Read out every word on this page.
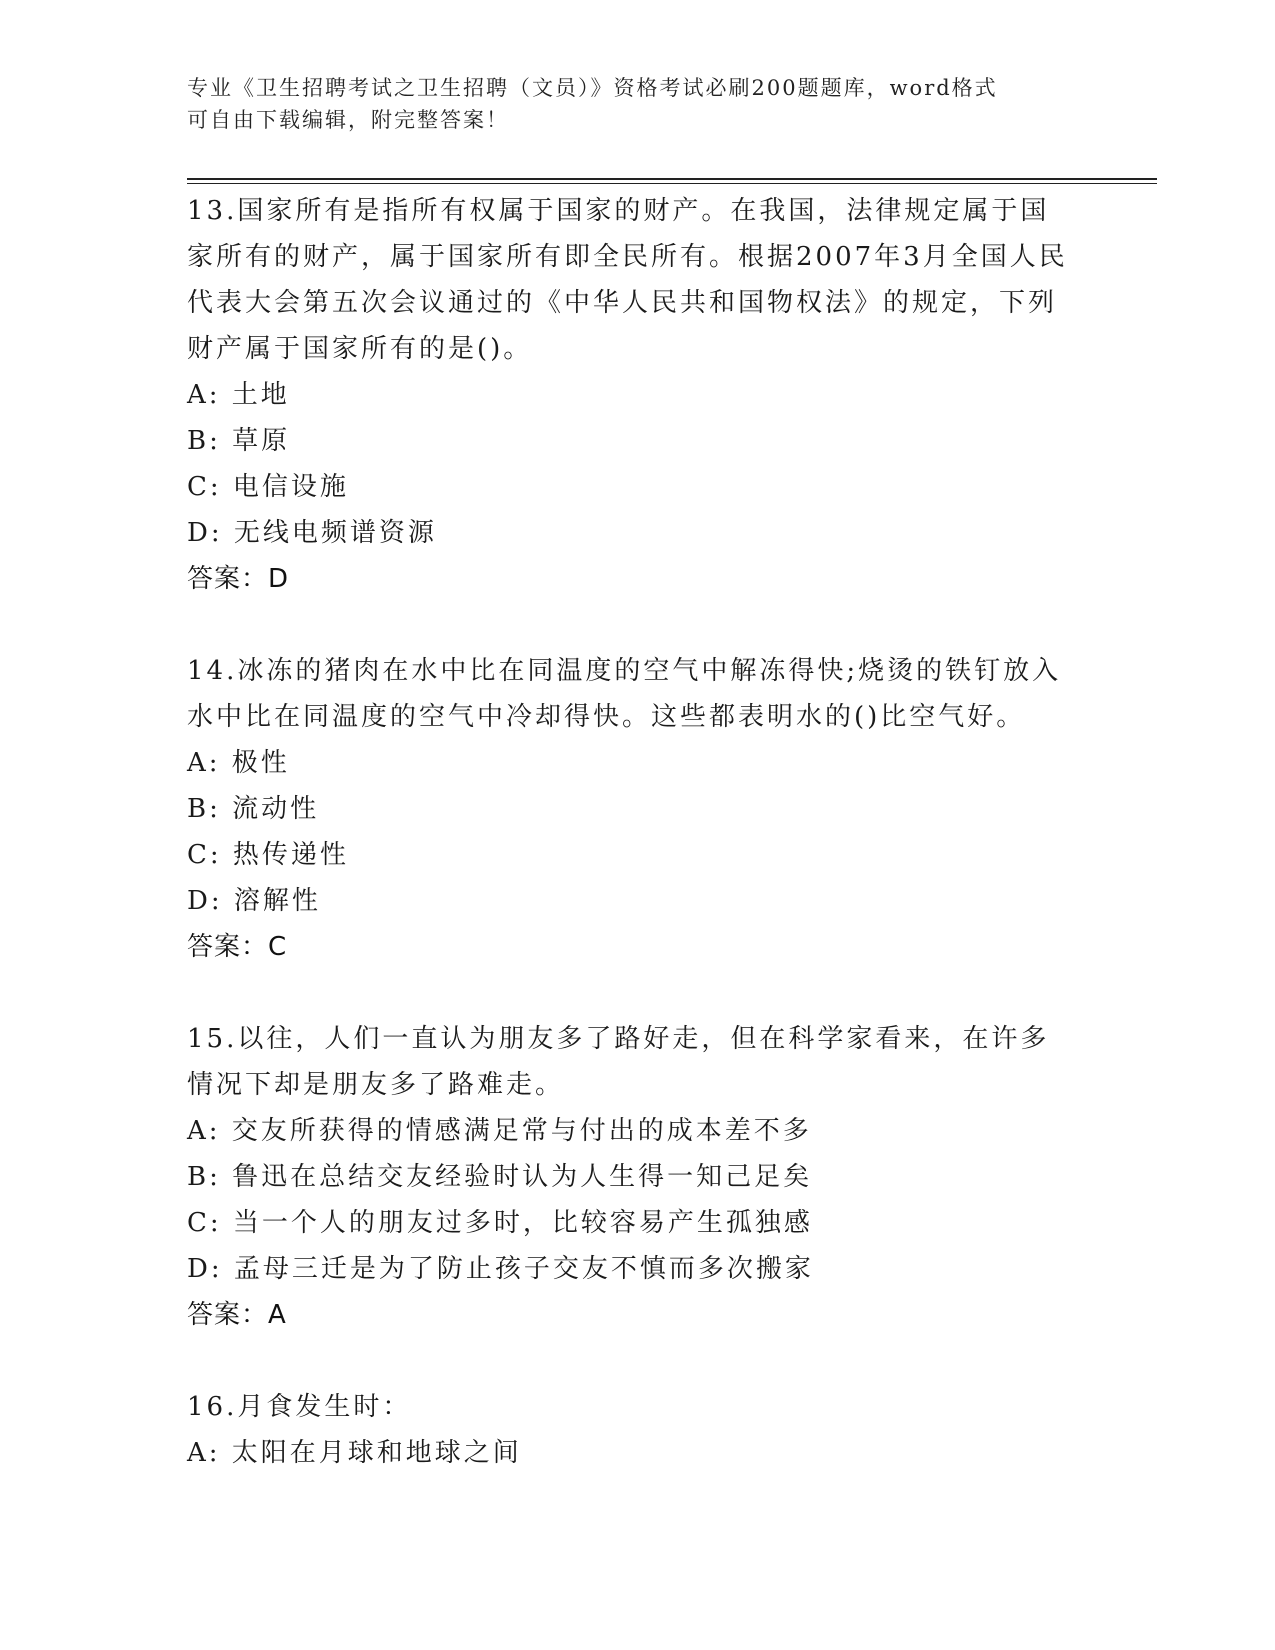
专业《卫生招聘考试之卫生招聘（文员）》资格考试必刷200题题库，word格式
可自由下载编辑，附完整答案！
13.国家所有是指所有权属于国家的财产。在我国，法律规定属于国家所有的财产，属于国家所有即全民所有。根据2007年3月全国人民代表大会第五次会议通过的《中华人民共和国物权法》的规定，下列财产属于国家所有的是()。
A: 土地
B: 草原
C: 电信设施
D: 无线电频谱资源
答案：D
14.冰冻的猪肉在水中比在同温度的空气中解冻得快;烧烫的铁钉放入水中比在同温度的空气中冷却得快。这些都表明水的()比空气好。
A: 极性
B: 流动性
C: 热传递性
D: 溶解性
答案：C
15.以往，人们一直认为朋友多了路好走，但在科学家看来，在许多情况下却是朋友多了路难走。
A: 交友所获得的情感满足常与付出的成本差不多
B: 鲁迅在总结交友经验时认为人生得一知己足矣
C: 当一个人的朋友过多时，比较容易产生孤独感
D: 孟母三迁是为了防止孩子交友不慎而多次搬家
答案：A
16.月食发生时：
A: 太阳在月球和地球之间
